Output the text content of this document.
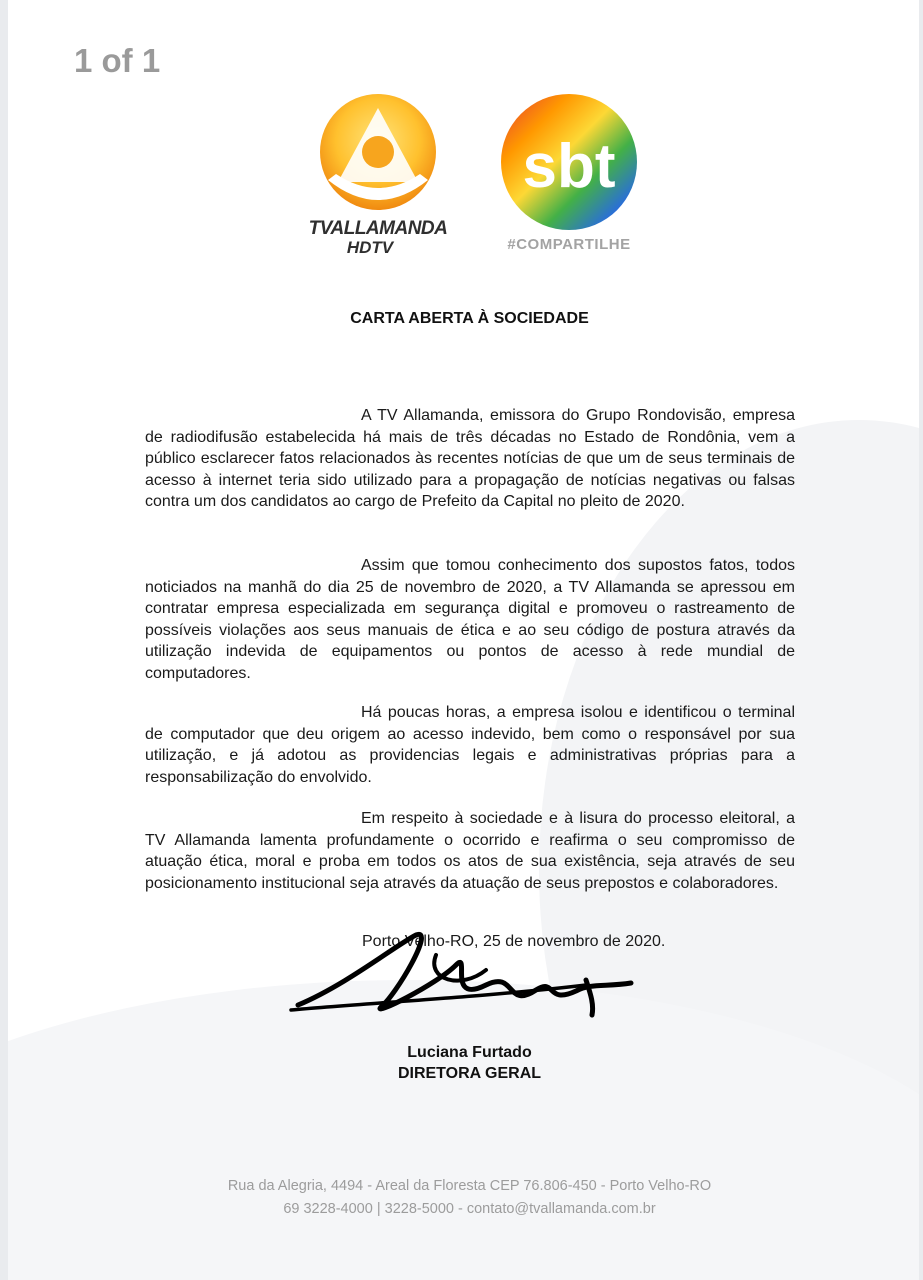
1 of 1
TVALLAMANDA
HDTV
sbt
#COMPARTILHE
CARTA ABERTA À SOCIEDADE

A TV Allamanda, emissora do Grupo Rondovisão, empresa de radiodifusão estabelecida há mais de três décadas no Estado de Rondônia, vem a público esclarecer fatos relacionados às recentes notícias de que um de seus terminais de acesso à internet teria sido utilizado para a propagação de notícias negativas ou falsas contra um dos candidatos ao cargo de Prefeito da Capital no pleito de 2020.

Assim que tomou conhecimento dos supostos fatos, todos noticiados na manhã do dia 25 de novembro de 2020, a TV Allamanda se apressou em contratar empresa especializada em segurança digital e promoveu o rastreamento de possíveis violações aos seus manuais de ética e ao seu código de postura através da utilização indevida de equipamentos ou pontos de acesso à rede mundial de computadores.

Há poucas horas, a empresa isolou e identificou o terminal de computador que deu origem ao acesso indevido, bem como o responsável por sua utilização, e já adotou as providencias legais e administrativas próprias para a responsabilização do envolvido.

Em respeito à sociedade e à lisura do processo eleitoral, a TV Allamanda lamenta profundamente o ocorrido e reafirma o seu compromisso de atuação ética, moral e proba em todos os atos de sua existência, seja através de seu posicionamento institucional seja através da atuação de seus prepostos e colaboradores.

Porto Velho-RO, 25 de novembro de 2020.
Luciana Furtado
DIRETORA GERAL
Rua da Alegria, 4494 - Areal da Floresta CEP 76.806-450 - Porto Velho-RO
69 3228-4000 | 3228-5000 - contato@tvallamanda.com.br
